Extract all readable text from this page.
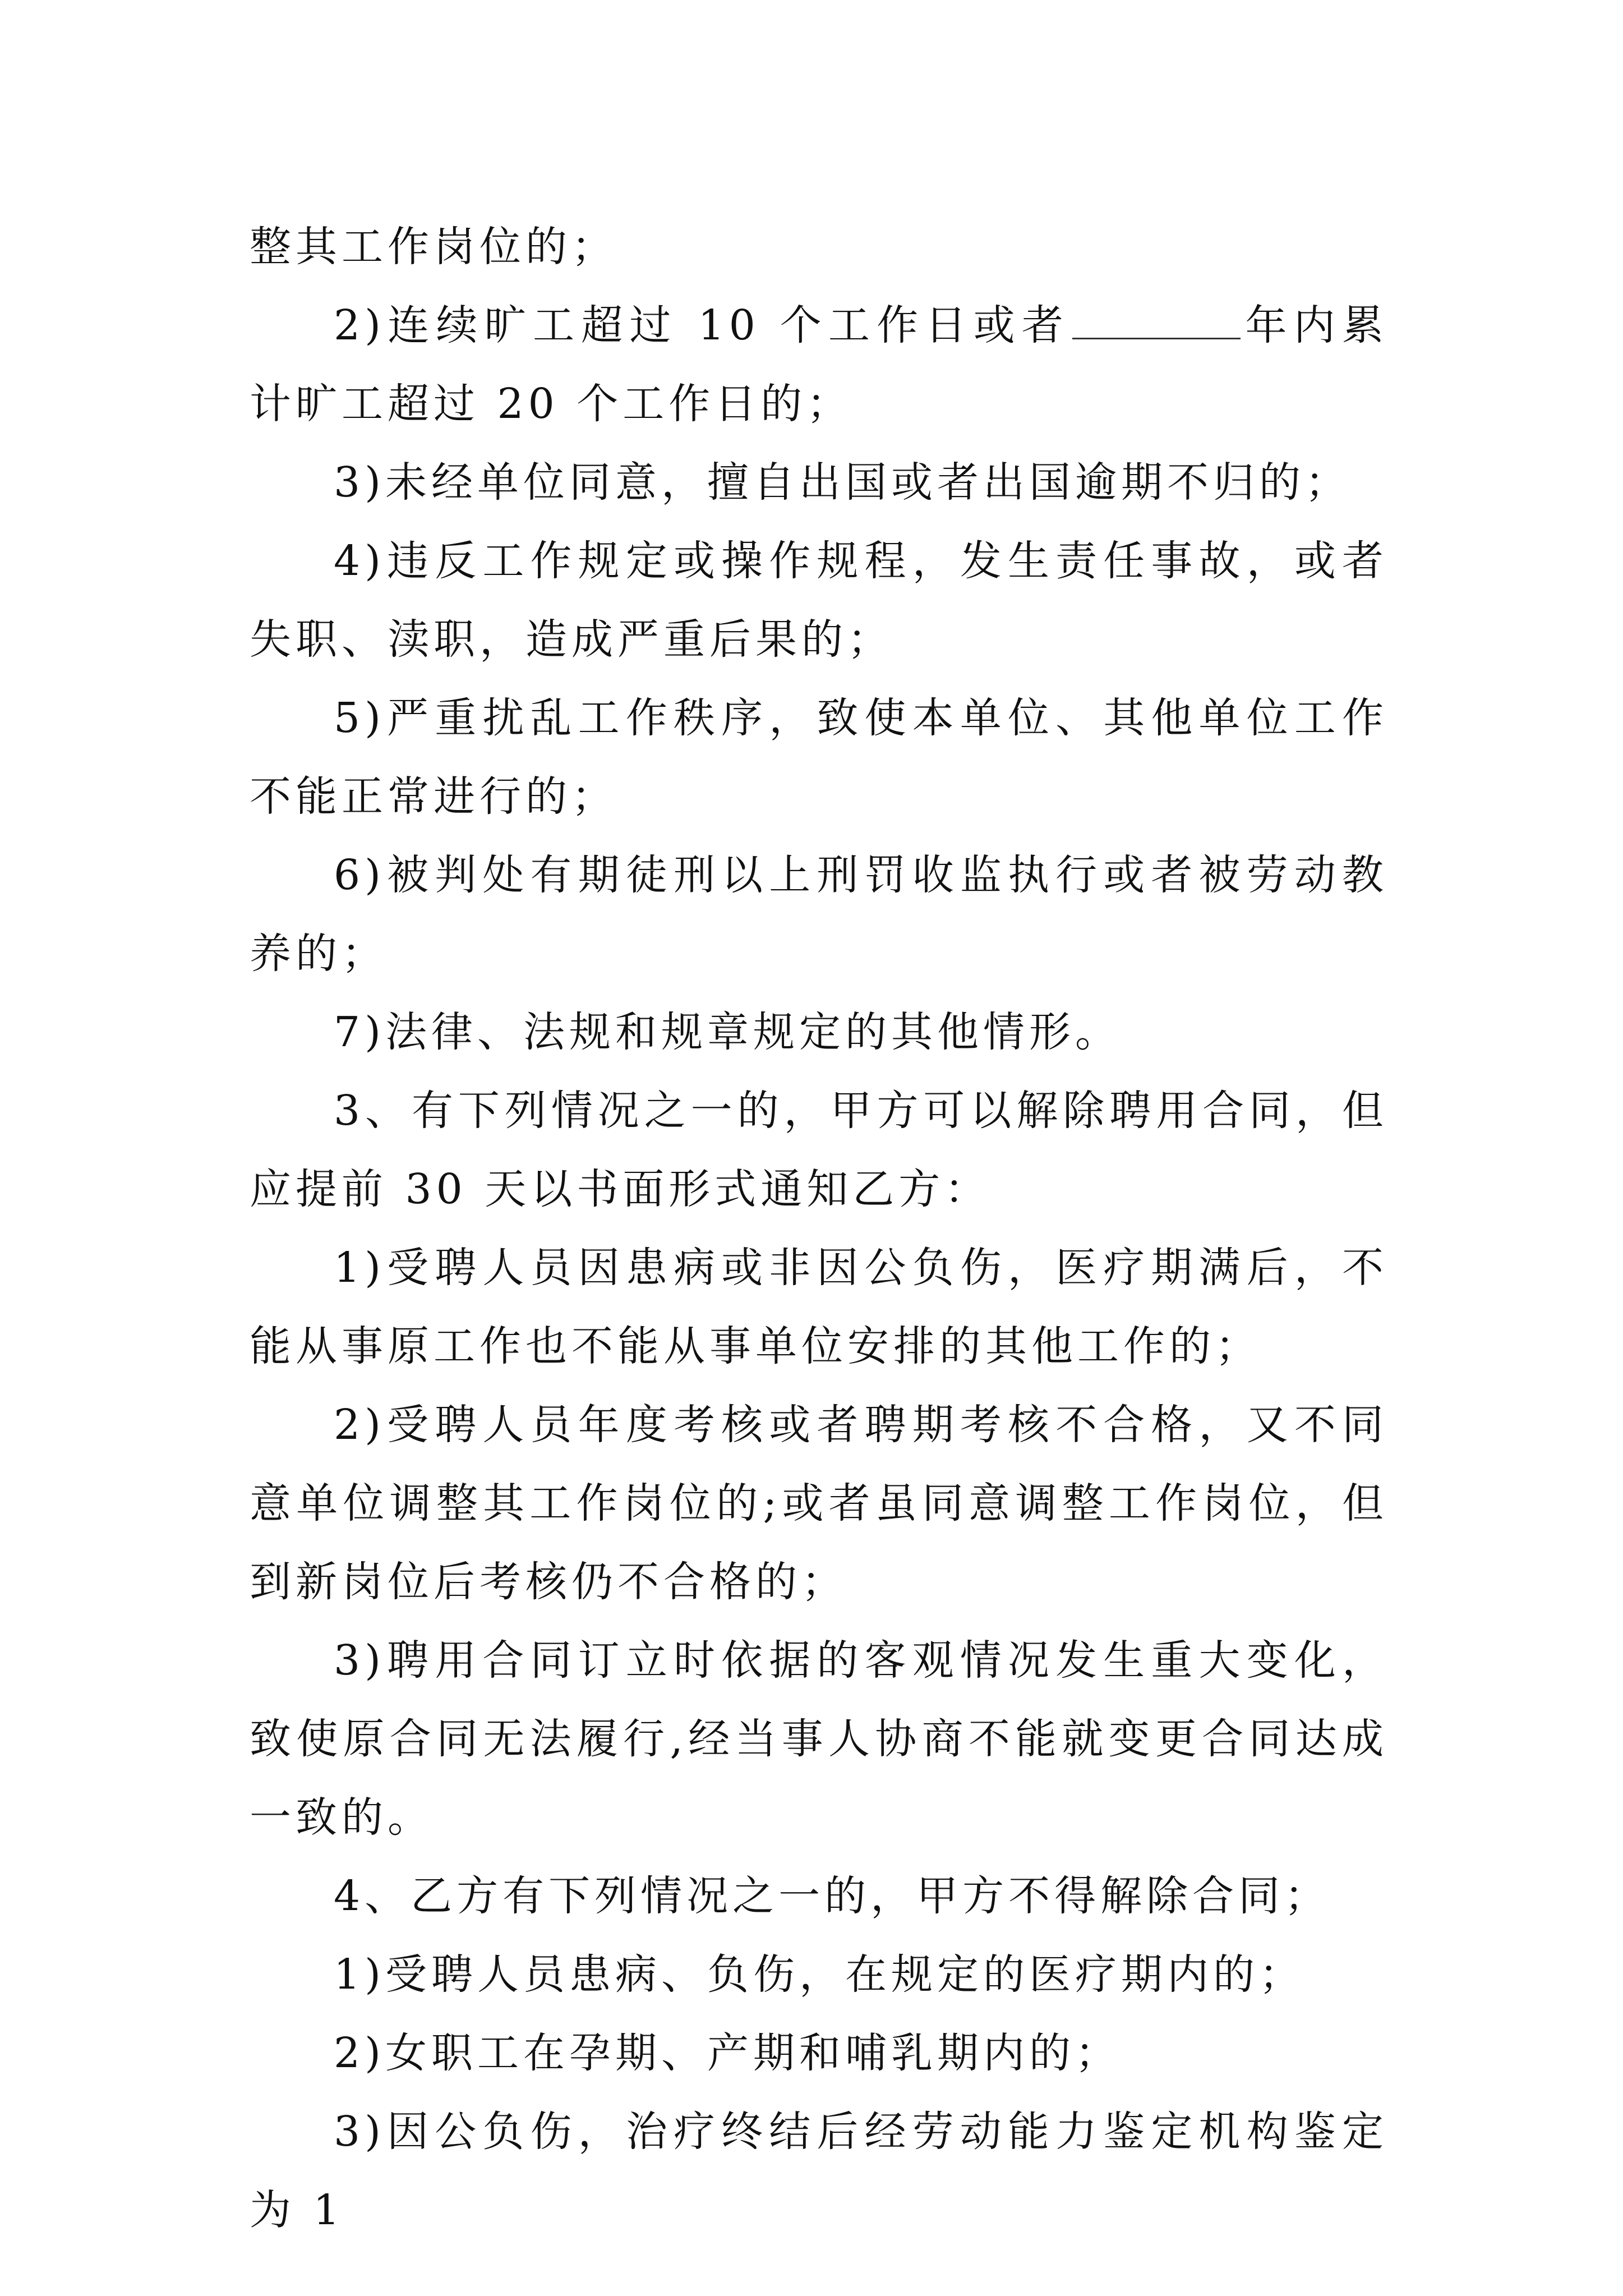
整其工作岗位的；

2)连续旷工超过 10 个工作日或者	年内累计旷工超过 20 个工作日的；

3)未经单位同意，擅自出国或者出国逾期不归的；

4)违反工作规定或操作规程，发生责任事故，或者失职、渎职，造成严重后果的；

5)严重扰乱工作秩序，致使本单位、其他单位工作不能正常进行的；

6)被判处有期徒刑以上刑罚收监执行或者被劳动教养的；

7)法律、法规和规章规定的其他情形。

3、有下列情况之一的，甲方可以解除聘用合同，但应提前 30 天以书面形式通知乙方：

1)受聘人员因患病或非因公负伤，医疗期满后，不能从事原工作也不能从事单位安排的其他工作的；

2)受聘人员年度考核或者聘期考核不合格，又不同意单位调整其工作岗位的;或者虽同意调整工作岗位，但到新岗位后考核仍不合格的；

3)聘用合同订立时依据的客观情况发生重大变化，致使原合同无法履行,经当事人协商不能就变更合同达成一致的。

4、乙方有下列情况之一的，甲方不得解除合同；

1)受聘人员患病、负伤，在规定的医疗期内的；

2)女职工在孕期、产期和哺乳期内的；

3)因公负伤，治疗终结后经劳动能力鉴定机构鉴定为 1
